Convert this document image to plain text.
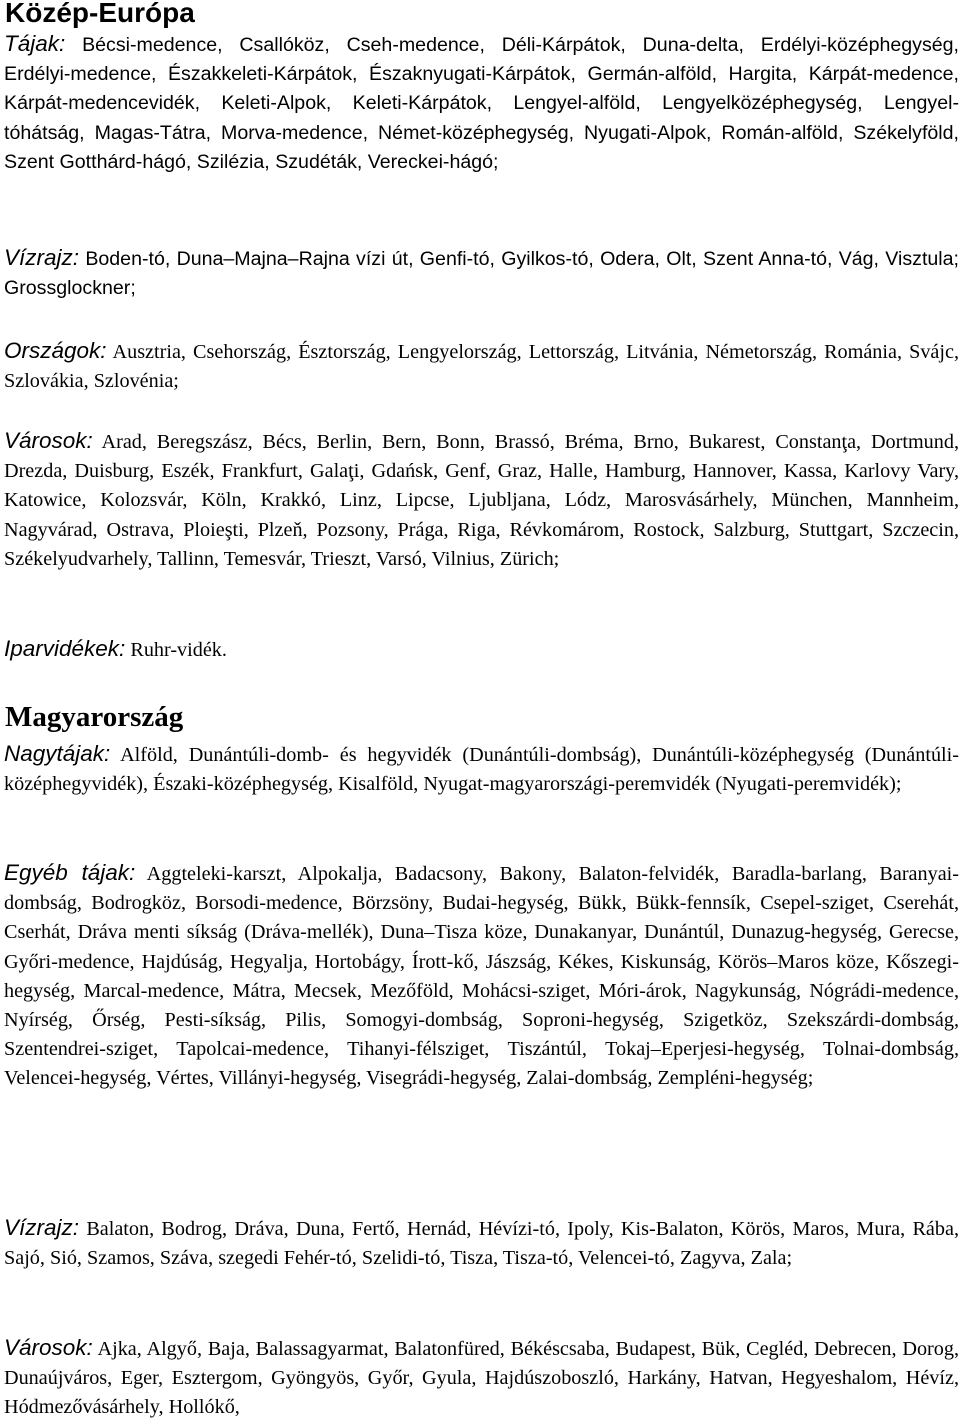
Közép-Európa

Tájak: Bécsi-medence, Csallóköz, Cseh-medence, Déli-Kárpátok, Duna-delta, Erdélyi-középhegység, Erdélyi-medence, Északkeleti-Kárpátok, Északnyugati-Kárpátok, Germán-alföld, Hargita, Kárpát-medence, Kárpát-medencevidék, Keleti-Alpok, Keleti-Kárpátok, Lengyel-alföld, Lengyelközéphegység, Lengyel-tóhátság, Magas-Tátra, Morva-medence, Német-középhegység, Nyugati-Alpok, Román-alföld, Székelyföld, Szent Gotthárd-hágó, Szilézia, Szudéták, Vereckei-hágó;

Vízrajz: Boden-tó, Duna–Majna–Rajna vízi út, Genfi-tó, Gyilkos-tó, Odera, Olt, Szent Anna-tó, Vág, Visztula; Grossglockner;

Országok: Ausztria, Csehország, Észtország, Lengyelország, Lettország, Litvánia, Németország, Románia, Svájc, Szlovákia, Szlovénia;

Városok: Arad, Beregszász, Bécs, Berlin, Bern, Bonn, Brassó, Bréma, Brno, Bukarest, Constanţa, Dortmund, Drezda, Duisburg, Eszék, Frankfurt, Galaţi, Gdańsk, Genf, Graz, Halle, Hamburg, Hannover, Kassa, Karlovy Vary, Katowice, Kolozsvár, Köln, Krakkó, Linz, Lipcse, Ljubljana, Lódz, Marosvásárhely, München, Mannheim, Nagyvárad, Ostrava, Ploieşti, Plzeň, Pozsony, Prága, Riga, Révkomárom, Rostock, Salzburg, Stuttgart, Szczecin, Székelyudvarhely, Tallinn, Temesvár, Trieszt, Varsó, Vilnius, Zürich;

Iparvidékek: Ruhr-vidék.

Magyarország

Nagytájak: Alföld, Dunántúli-domb- és hegyvidék (Dunántúli-dombság), Dunántúli-középhegység (Dunántúli-középhegyvidék), Északi-középhegység, Kisalföld, Nyugat-magyarországi-peremvidék (Nyugati-peremvidék);

Egyéb tájak: Aggteleki-karszt, Alpokalja, Badacsony, Bakony, Balaton-felvidék, Baradla-barlang, Baranyai-dombság, Bodrogköz, Borsodi-medence, Börzsöny, Budai-hegység, Bükk, Bükk-fennsík, Csepel-sziget, Cserehát, Cserhát, Dráva menti síkság (Dráva-mellék), Duna–Tisza köze, Dunakanyar, Dunántúl, Dunazug-hegység, Gerecse, Győri-medence, Hajdúság, Hegyalja, Hortobágy, Írott-kő, Jászság, Kékes, Kiskunság, Körös–Maros köze, Kőszegi-hegység, Marcal-medence, Mátra, Mecsek, Mezőföld, Mohácsi-sziget, Móri-árok, Nagykunság, Nógrádi-medence, Nyírség, Őrség, Pesti-síkság, Pilis, Somogyi-dombság, Soproni-hegység, Szigetköz, Szekszárdi-dombság, Szentendrei-sziget, Tapolcai-medence, Tihanyi-félsziget, Tiszántúl, Tokaj–Eperjesi-hegység, Tolnai-dombság, Velencei-hegység, Vértes, Villányi-hegység, Visegrádi-hegység, Zalai-dombság, Zempléni-hegység;

Vízrajz: Balaton, Bodrog, Dráva, Duna, Fertő, Hernád, Hévízi-tó, Ipoly, Kis-Balaton, Körös, Maros, Mura, Rába, Sajó, Sió, Szamos, Száva, szegedi Fehér-tó, Szelidi-tó, Tisza, Tisza-tó, Velencei-tó, Zagyva, Zala;

Városok: Ajka, Algyő, Baja, Balassagyarmat, Balatonfüred, Békéscsaba, Budapest, Bük, Cegléd, Debrecen, Dorog, Dunaújváros, Eger, Esztergom, Gyöngyös, Győr, Gyula, Hajdúszoboszló, Harkány, Hatvan, Hegyeshalom, Hévíz, Hódmezővásárhely, Hollókő,
